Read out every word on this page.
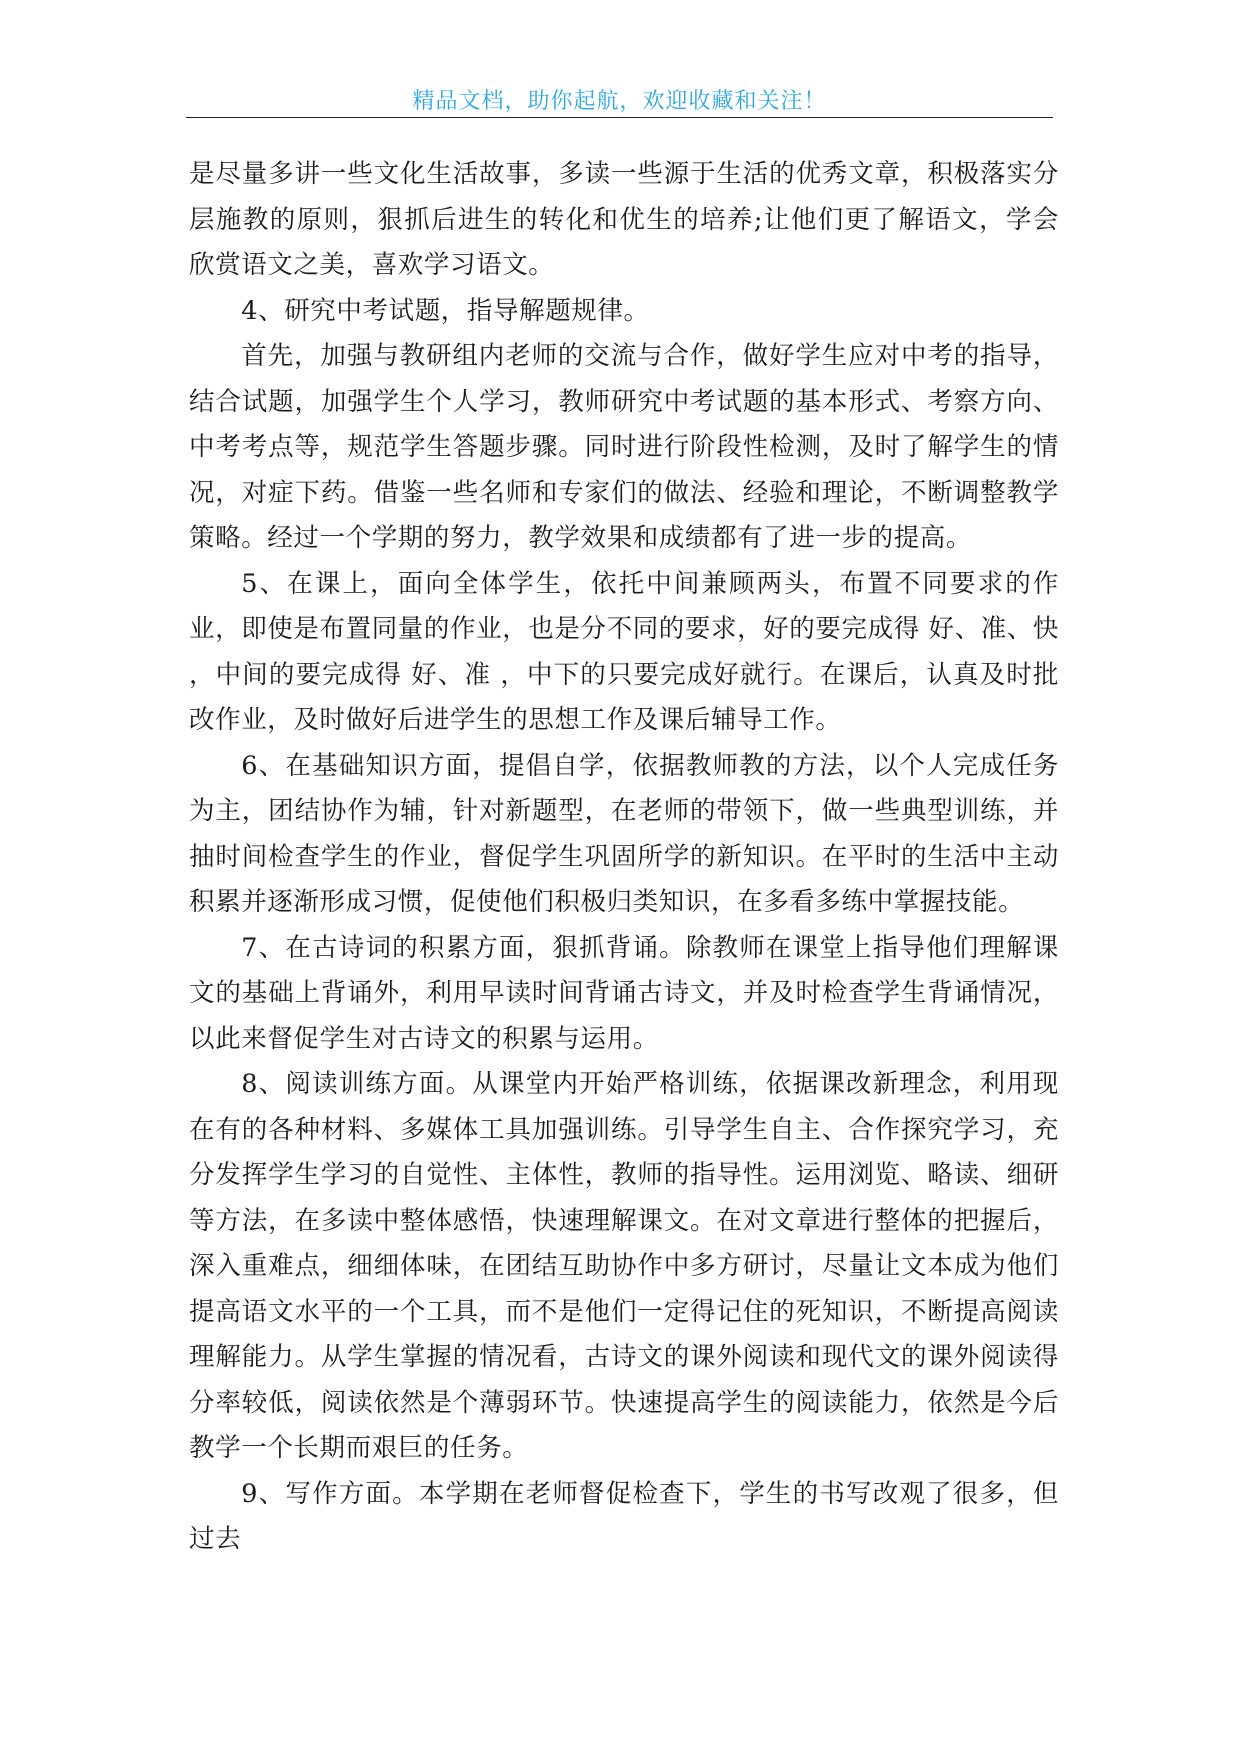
精品文档，助你起航，欢迎收藏和关注！

是尽量多讲一些文化生活故事，多读一些源于生活的优秀文章，积极落实分层施教的原则，狠抓后进生的转化和优生的培养;让他们更了解语文，学会欣赏语文之美，喜欢学习语文。

4、研究中考试题，指导解题规律。

首先，加强与教研组内老师的交流与合作，做好学生应对中考的指导，结合试题，加强学生个人学习，教师研究中考试题的基本形式、考察方向、中考考点等，规范学生答题步骤。同时进行阶段性检测，及时了解学生的情况，对症下药。借鉴一些名师和专家们的做法、经验和理论，不断调整教学策略。经过一个学期的努力，教学效果和成绩都有了进一步的提高。

5、在课上，面向全体学生，依托中间兼顾两头，布置不同要求的作业，即使是布置同量的作业，也是分不同的要求，好的要完成得 好、准、快 ，中间的要完成得 好、准 ，中下的只要完成好就行。在课后，认真及时批改作业，及时做好后进学生的思想工作及课后辅导工作。

6、在基础知识方面，提倡自学，依据教师教的方法，以个人完成任务为主，团结协作为辅，针对新题型，在老师的带领下，做一些典型训练，并抽时间检查学生的作业，督促学生巩固所学的新知识。在平时的生活中主动积累并逐渐形成习惯，促使他们积极归类知识，在多看多练中掌握技能。

7、在古诗词的积累方面，狠抓背诵。除教师在课堂上指导他们理解课文的基础上背诵外，利用早读时间背诵古诗文，并及时检查学生背诵情况，以此来督促学生对古诗文的积累与运用。

8、阅读训练方面。从课堂内开始严格训练，依据课改新理念，利用现在有的各种材料、多媒体工具加强训练。引导学生自主、合作探究学习，充分发挥学生学习的自觉性、主体性，教师的指导性。运用浏览、略读、细研等方法，在多读中整体感悟，快速理解课文。在对文章进行整体的把握后，深入重难点，细细体味，在团结互助协作中多方研讨，尽量让文本成为他们提高语文水平的一个工具，而不是他们一定得记住的死知识，不断提高阅读理解能力。从学生掌握的情况看，古诗文的课外阅读和现代文的课外阅读得分率较低，阅读依然是个薄弱环节。快速提高学生的阅读能力，依然是今后教学一个长期而艰巨的任务。

9、写作方面。本学期在老师督促检查下，学生的书写改观了很多，但过去
